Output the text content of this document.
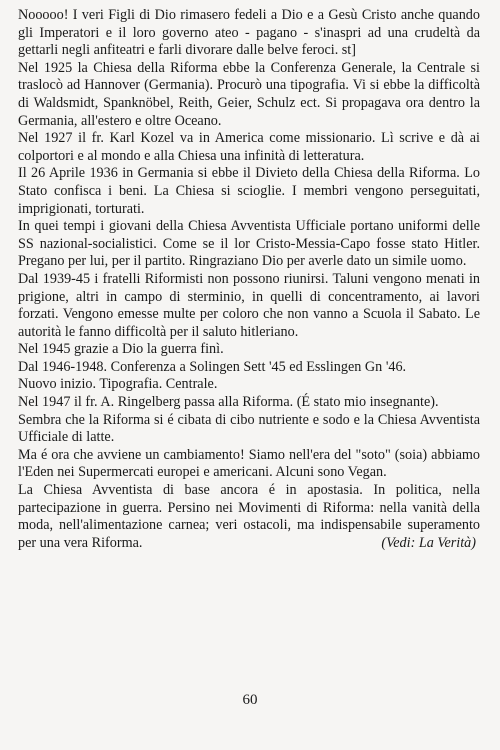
Nooooo! I veri Figli di Dio rimasero fedeli a Dio e a Gesù Cristo anche quando gli Imperatori e il loro governo ateo - pagano - s'inaspri ad una crudeltà da gettarli negli anfiteatri e farli divorare dalle belve feroci. st]

Nel 1925 la Chiesa della Riforma ebbe la Conferenza Generale, la Centrale si traslocò ad Hannover (Germania). Procurò una tipografia. Vi si ebbe la difficoltà di Waldsmidt, Spanknöbel, Reith, Geier, Schulz ect. Si propagava ora dentro la Germania, all'estero e oltre Oceano.

Nel 1927 il fr. Karl Kozel va in America come missionario. Lì scrive e dà ai colportori e al mondo e alla Chiesa una infinità di letteratura.

Il 26 Aprile 1936 in Germania si ebbe il Divieto della Chiesa della Riforma. Lo Stato confisca i beni. La Chiesa si scioglie. I membri vengono perseguitati, imprigionati, torturati.

In quei tempi i giovani della Chiesa Avventista Ufficiale portano uniformi delle SS nazional-socialistici. Come se il lor Cristo-Messia-Capo fosse stato Hitler. Pregano per lui, per il partito. Ringraziano Dio per averle dato un simile uomo.

Dal 1939-45 i fratelli Riformisti non possono riunirsi. Taluni vengono menati in prigione, altri in campo di sterminio, in quelli di concentramento, ai lavori forzati. Vengono emesse multe per coloro che non vanno a Scuola il Sabato. Le autorità le fanno difficoltà per il saluto hitleriano.

Nel 1945 grazie a Dio la guerra finì.

Dal 1946-1948. Conferenza a Solingen Sett '45 ed Esslingen Gn '46.

Nuovo inizio. Tipografia. Centrale.

Nel 1947 il fr. A. Ringelberg passa alla Riforma. (É stato mio insegnante).

Sembra che la Riforma si é cibata di cibo nutriente e sodo e la Chiesa Avventista Ufficiale di latte.

Ma é ora che avviene un cambiamento! Siamo nell'era del "soto" (soia) abbiamo l'Eden nei Supermercati europei e americani. Alcuni sono Vegan.

La Chiesa Avventista di base ancora é in apostasia. In politica, nella partecipazione in guerra. Persino nei Movimenti di Riforma: nella vanità della moda, nell'alimentazione carnea; veri ostacoli, ma indispensabile superamento per una vera Riforma.	(Vedi: La Verità)

60
